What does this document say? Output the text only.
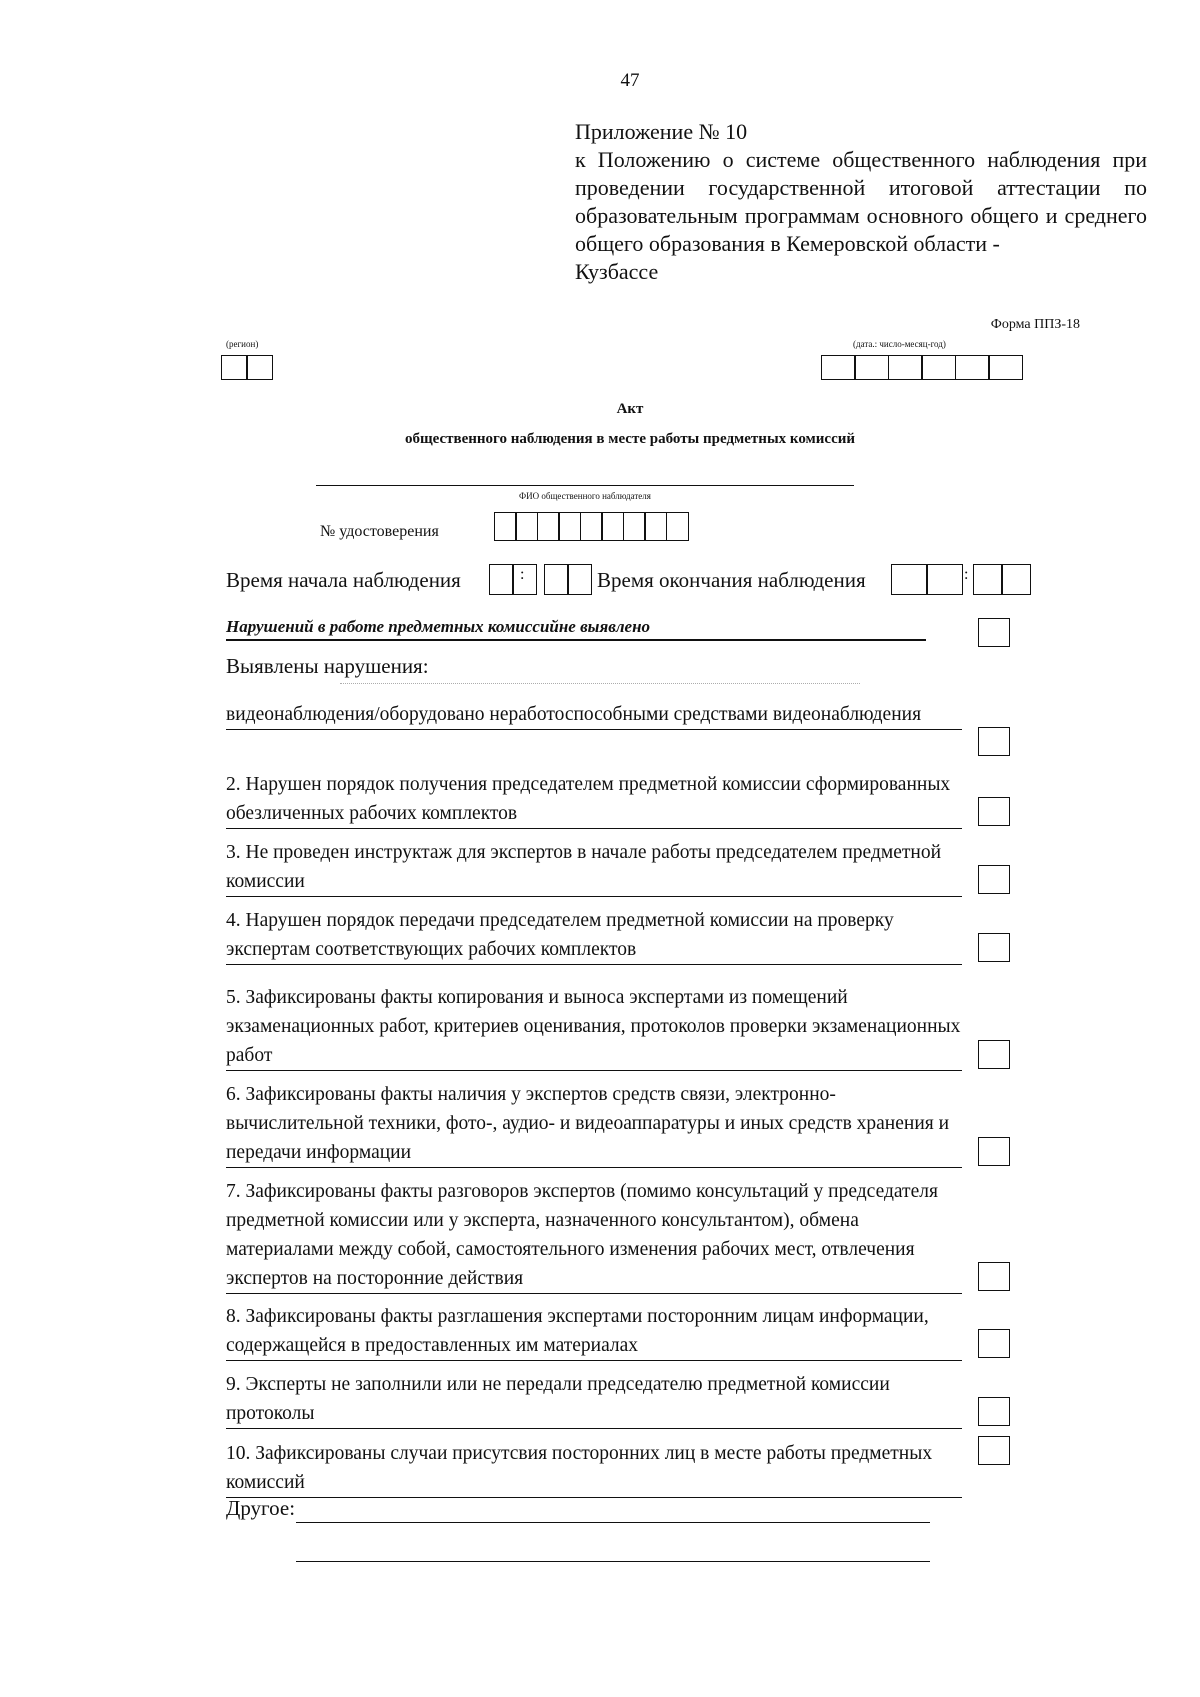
47
Приложение № 10
к Положению о системе общественного наблюдения при проведении государственной итоговой аттестации по образовательным программам основного общего и среднего общего образования в Кемеровской области -
Кузбассе
Форма ППЗ-18
(регион)	(дата.: число-месяц-год)
Акт
общественного наблюдения в месте работы предметных комиссий
ФИО общественного наблюдателя
№ удостоверения
Время начала наблюдения	:	Время окончания наблюдения	:
Нарушений в работе предметных комиссийне выявлено
Выявлены нарушения:
видеонаблюдения/оборудовано неработоспособными средствами видеонаблюдения
2. Нарушен порядок получения председателем предметной комиссии сформированных обезличенных рабочих комплектов
3. Не проведен инструктаж для экспертов в начале работы председателем предметной комиссии
4. Нарушен порядок передачи председателем предметной комиссии на проверку экспертам соответствующих рабочих комплектов
5. Зафиксированы факты копирования и выноса экспертами из помещений экзаменационных работ, критериев оценивания, протоколов проверки экзаменационных работ
6. Зафиксированы факты наличия у экспертов средств связи, электронно-вычислительной техники, фото-, аудио- и видеоаппаратуры и иных средств хранения и передачи информации
7. Зафиксированы факты разговоров экспертов (помимо консультаций у председателя предметной комиссии или у эксперта, назначенного консультантом), обмена материалами между собой, самостоятельного изменения рабочих мест, отвлечения экспертов на посторонние действия
8. Зафиксированы факты разглашения экспертами посторонним лицам информации, содержащейся в предоставленных им материалах
9. Эксперты не заполнили или не передали председателю предметной комиссии протоколы
10. Зафиксированы случаи присутсвия посторонних лиц в месте работы предметных комиссий
Другое:
